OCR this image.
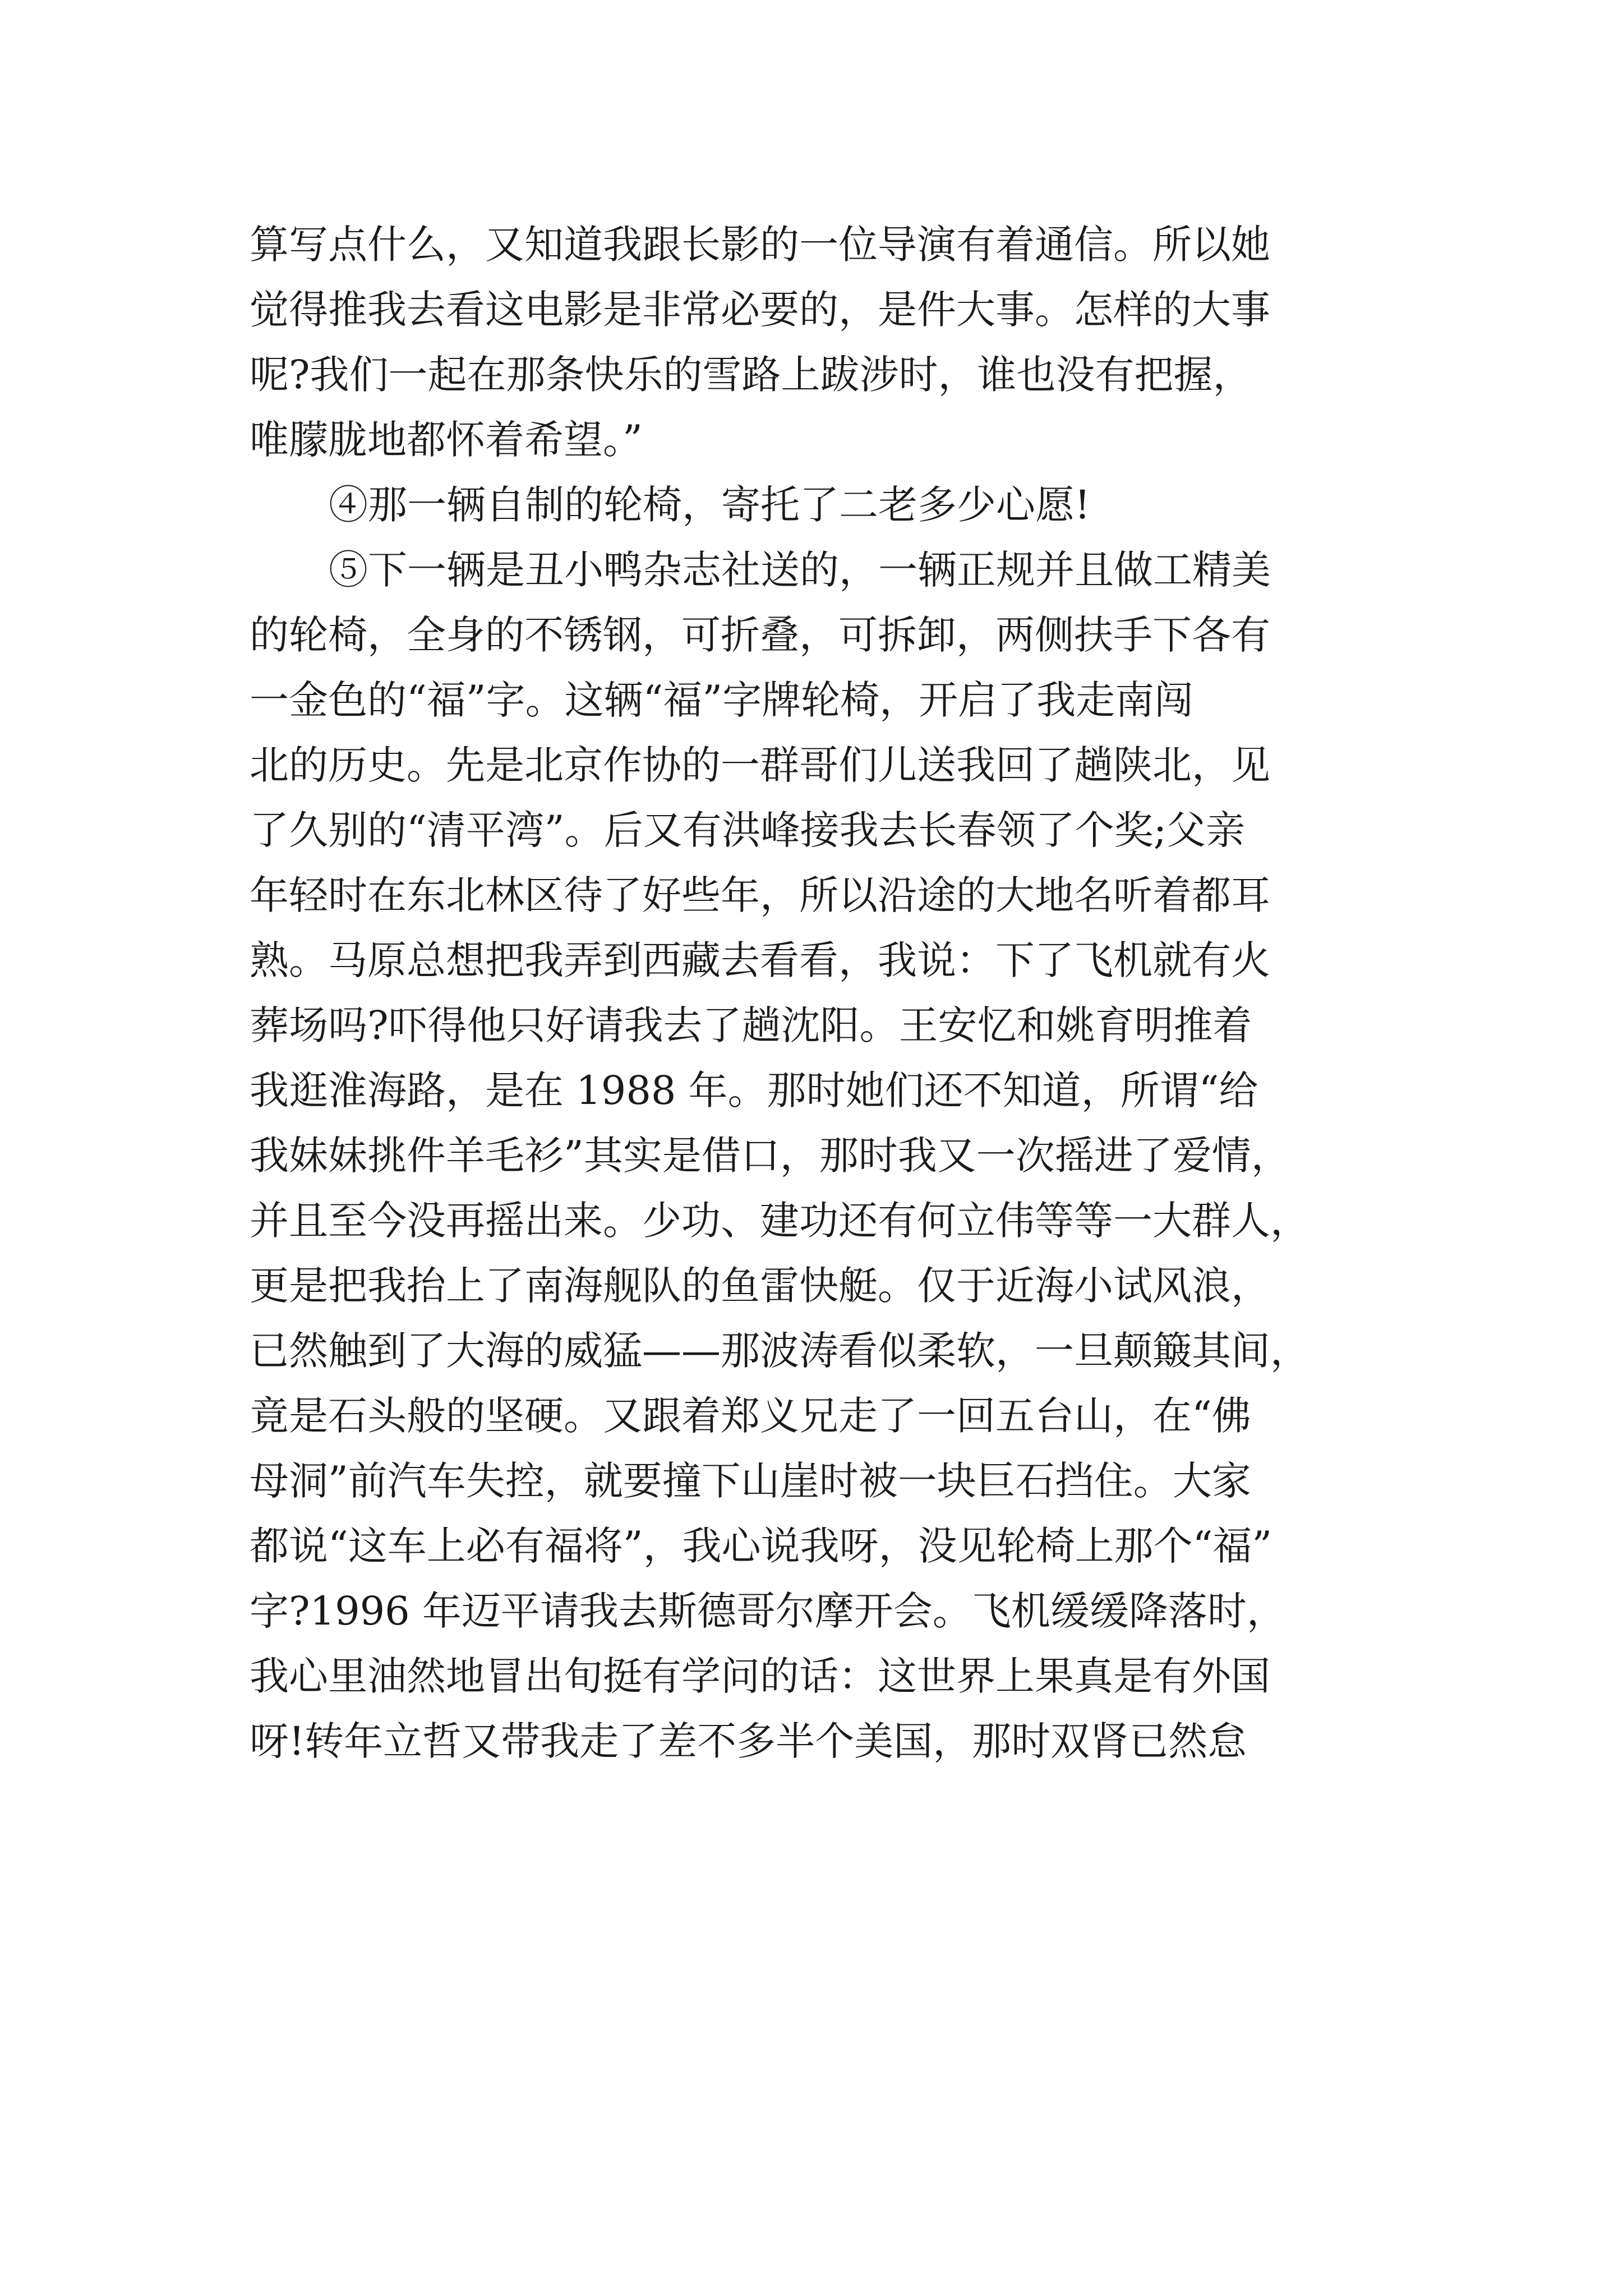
算写点什么，又知道我跟长影的一位导演有着通信。所以她
觉得推我去看这电影是非常必要的，是件大事。怎样的大事
呢?我们一起在那条快乐的雪路上跋涉时，谁也没有把握，
唯朦胧地都怀着希望。”
④那一辆自制的轮椅，寄托了二老多少心愿!
⑤下一辆是丑小鸭杂志社送的，一辆正规并且做工精美
的轮椅，全身的不锈钢，可折叠，可拆卸，两侧扶手下各有
一金色的“福”字。这辆“福”字牌轮椅，开启了我走南闯
北的历史。先是北京作协的一群哥们儿送我回了趟陕北，见
了久别的“清平湾”。后又有洪峰接我去长春领了个奖;父亲
年轻时在东北林区待了好些年，所以沿途的大地名听着都耳
熟。马原总想把我弄到西藏去看看，我说：下了飞机就有火
葬场吗?吓得他只好请我去了趟沈阳。王安忆和姚育明推着
我逛淮海路，是在 1988 年。那时她们还不知道，所谓“给
我妹妹挑件羊毛衫”其实是借口，那时我又一次摇进了爱情，
并且至今没再摇出来。少功、建功还有何立伟等等一大群人，
更是把我抬上了南海舰队的鱼雷快艇。仅于近海小试风浪，
已然触到了大海的威猛——那波涛看似柔软，一旦颠簸其间，
竟是石头般的坚硬。又跟着郑义兄走了一回五台山，在“佛
母洞”前汽车失控，就要撞下山崖时被一块巨石挡住。大家
都说“这车上必有福将”，我心说我呀，没见轮椅上那个“福”
字?1996 年迈平请我去斯德哥尔摩开会。飞机缓缓降落时，
我心里油然地冒出旬挺有学问的话：这世界上果真是有外国
呀!转年立哲又带我走了差不多半个美国，那时双肾已然怠
